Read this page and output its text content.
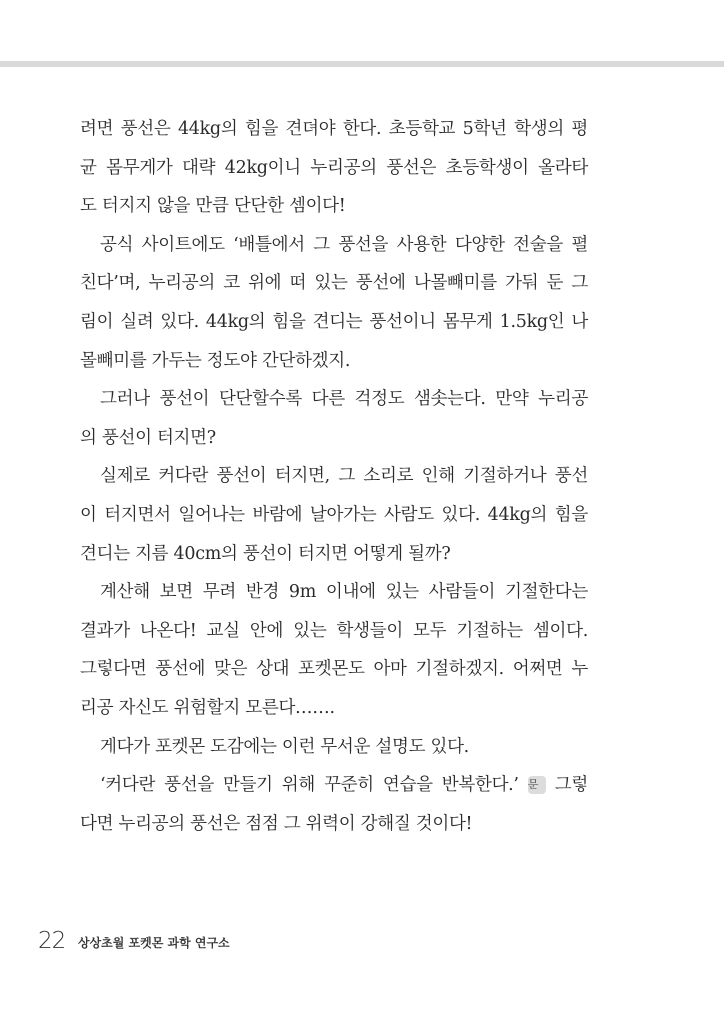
려면 풍선은 44kg의 힘을 견뎌야 한다. 초등학교 5학년 학생의 평
균 몸무게가 대략 42kg이니 누리공의 풍선은 초등학생이 올라타
도 터지지 않을 만큼 단단한 셈이다!
공식 사이트에도 ‘배틀에서 그 풍선을 사용한 다양한 전술을 펼
친다’며, 누리공의 코 위에 떠 있는 풍선에 나몰빼미를 가둬 둔 그
림이 실려 있다. 44kg의 힘을 견디는 풍선이니 몸무게 1.5kg인 나
몰빼미를 가두는 정도야 간단하겠지.
그러나 풍선이 단단할수록 다른 걱정도 샘솟는다. 만약 누리공
의 풍선이 터지면?
실제로 커다란 풍선이 터지면, 그 소리로 인해 기절하거나 풍선
이 터지면서 일어나는 바람에 날아가는 사람도 있다. 44kg의 힘을
견디는 지름 40cm의 풍선이 터지면 어떻게 될까?
계산해 보면 무려 반경 9m 이내에 있는 사람들이 기절한다는
결과가 나온다! 교실 안에 있는 학생들이 모두 기절하는 셈이다.
그렇다면 풍선에 맞은 상대 포켓몬도 아마 기절하겠지. 어쩌면 누
리공 자신도 위험할지 모른다…….
게다가 포켓몬 도감에는 이런 무서운 설명도 있다.
‘커다란 풍선을 만들기 위해 꾸준히 연습을 반복한다.’ 문 그렇
다면 누리공의 풍선은 점점 그 위력이 강해질 것이다!
22 상상초월 포켓몬 과학 연구소
